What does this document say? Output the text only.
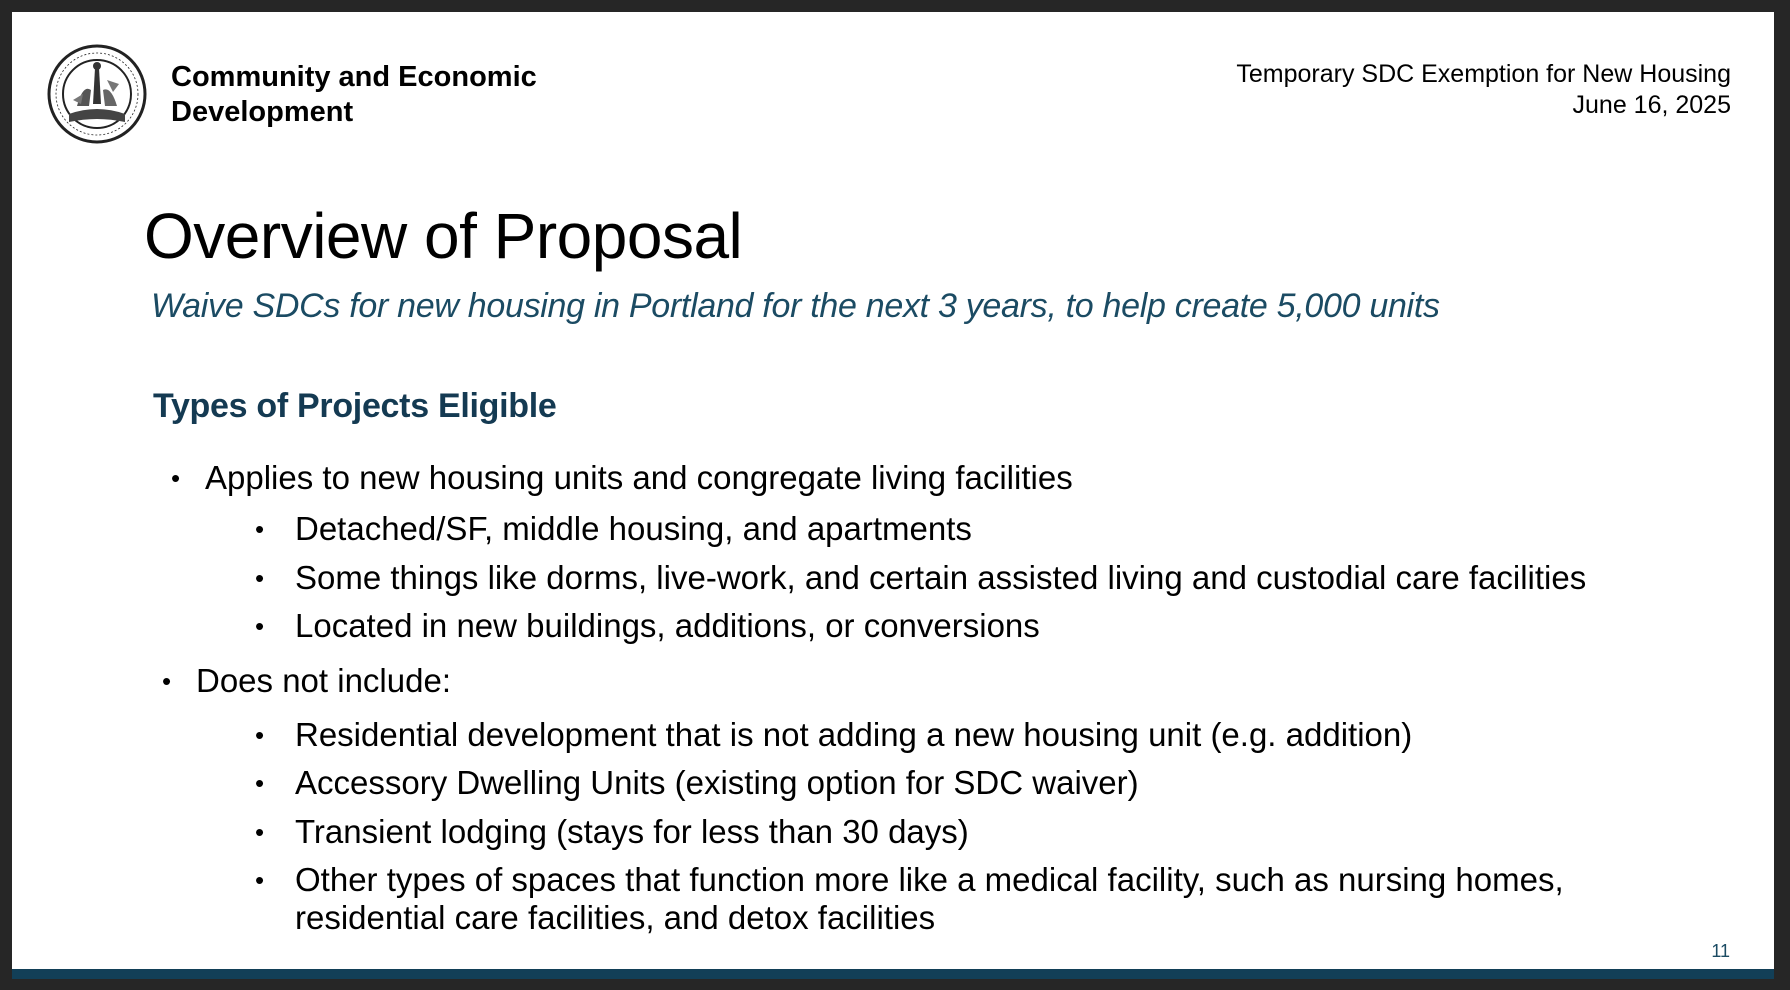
Community and Economic
Development
Temporary SDC Exemption for New Housing
June 16, 2025
Overview of Proposal
Waive SDCs for new housing in Portland for the next 3 years, to help create 5,000 units
Types of Projects Eligible
• Applies to new housing units and congregate living facilities
• Detached/SF, middle housing, and apartments
• Some things like dorms, live-work, and certain assisted living and custodial care facilities
• Located in new buildings, additions, or conversions
• Does not include:
• Residential development that is not adding a new housing unit (e.g. addition)
• Accessory Dwelling Units (existing option for SDC waiver)
• Transient lodging (stays for less than 30 days)
• Other types of spaces that function more like a medical facility, such as nursing homes,
residential care facilities, and detox facilities
11
